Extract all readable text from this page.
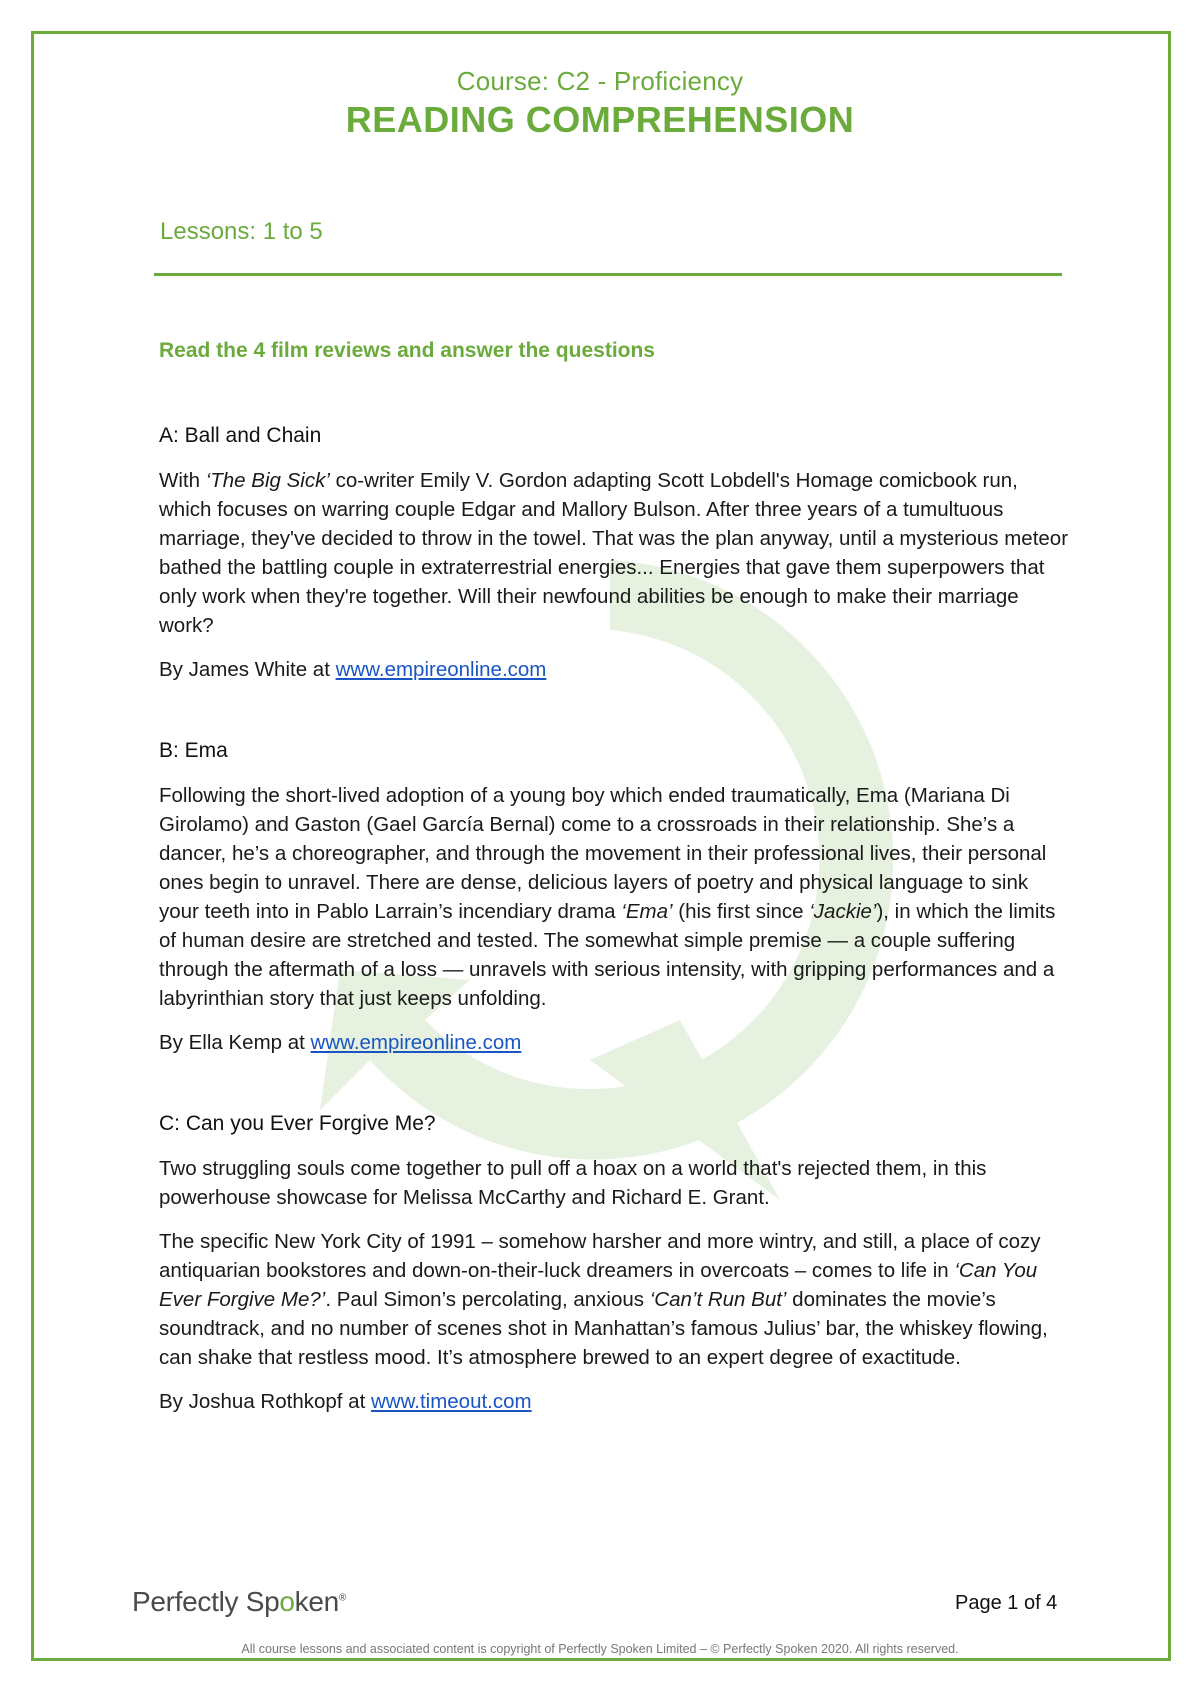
Course: C2 - Proficiency
READING COMPREHENSION
Lessons: 1 to 5
Read the 4 film reviews and answer the questions
A: Ball and Chain

With ‘The Big Sick’ co-writer Emily V. Gordon adapting Scott Lobdell's Homage comicbook run, which focuses on warring couple Edgar and Mallory Bulson. After three years of a tumultuous marriage, they've decided to throw in the towel. That was the plan anyway, until a mysterious meteor bathed the battling couple in extraterrestrial energies... Energies that gave them superpowers that only work when they're together. Will their newfound abilities be enough to make their marriage work?

By James White at www.empireonline.com

B: Ema

Following the short-lived adoption of a young boy which ended traumatically, Ema (Mariana Di Girolamo) and Gaston (Gael García Bernal) come to a crossroads in their relationship. She’s a dancer, he’s a choreographer, and through the movement in their professional lives, their personal ones begin to unravel. There are dense, delicious layers of poetry and physical language to sink your teeth into in Pablo Larrain’s incendiary drama ‘Ema’ (his first since ‘Jackie’), in which the limits of human desire are stretched and tested. The somewhat simple premise — a couple suffering through the aftermath of a loss — unravels with serious intensity, with gripping performances and a labyrinthian story that just keeps unfolding.

By Ella Kemp at www.empireonline.com

C: Can you Ever Forgive Me?

Two struggling souls come together to pull off a hoax on a world that's rejected them, in this powerhouse showcase for Melissa McCarthy and Richard E. Grant.

The specific New York City of 1991 – somehow harsher and more wintry, and still, a place of cozy antiquarian bookstores and down-on-their-luck dreamers in overcoats – comes to life in ‘Can You Ever Forgive Me?’. Paul Simon’s percolating, anxious ‘Can’t Run But’ dominates the movie’s soundtrack, and no number of scenes shot in Manhattan’s famous Julius’ bar, the whiskey flowing, can shake that restless mood. It’s atmosphere brewed to an expert degree of exactitude.

By Joshua Rothkopf at www.timeout.com

Perfectly Spoken®	Page 1 of 4
All course lessons and associated content is copyright of Perfectly Spoken Limited – © Perfectly Spoken 2020. All rights reserved.
